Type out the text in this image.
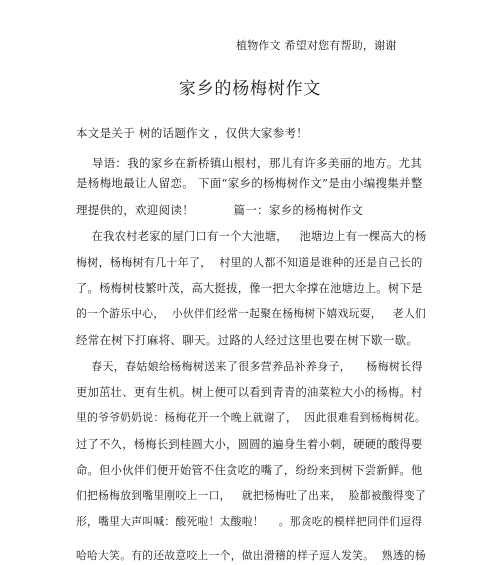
植物作文 希望对您有帮助，谢谢
家乡的杨梅树作文
本文是关于 树的话题作文 ，仅供大家参考！
导语：我的家乡在新桥镇山根村，那儿有许多美丽的地方。尤其
是杨梅地最让人留恋。 下面“家乡的杨梅树作文”是由小编搜集并整
理提供的，欢迎阅读！          篇一：家乡的杨梅树作文
在我农村老家的屋门口有一个大池塘，   池塘边上有一棵高大的杨
梅树，杨梅树有几十年了，  村里的人都不知道是谁种的还是自己长的
了。杨梅树枝繁叶茂，高大挺拔，像一把大伞撑在池塘边上。树下是
的一个游乐中心，  小伙伴们经常一起聚在杨梅树下嬉戏玩耍，   老人们
经常在树下打麻将、聊天。过路的人经过这里也要在树下歇一歇。
春天，春姑娘给杨梅树送来了很多营养品补养身子，    杨梅树长得
更加茁壮、更有生机。树上便可以看到青青的油菜粒大小的杨梅。村
里的爷爷奶奶说：杨梅花开一个晚上就谢了，  因此很难看到杨梅树花。
过了不久，杨梅长到桂圆大小，圆圆的遍身生着小刺，硬硬的酸得要
命。但小伙伴们便开始管不住贪吃的嘴了，纷纷来到树下尝新鲜。他
们把杨梅放到嘴里刚咬上一口，   就把杨梅吐了出来，  脸都被酸得变了
形，嘴里大声叫喊：酸死啦！太酸啦！    。那贪吃的模样把同伴们逗得
哈哈大笑。有的还故意咬上一个，做出滑稽的样子逗人发笑。  熟透的杨
